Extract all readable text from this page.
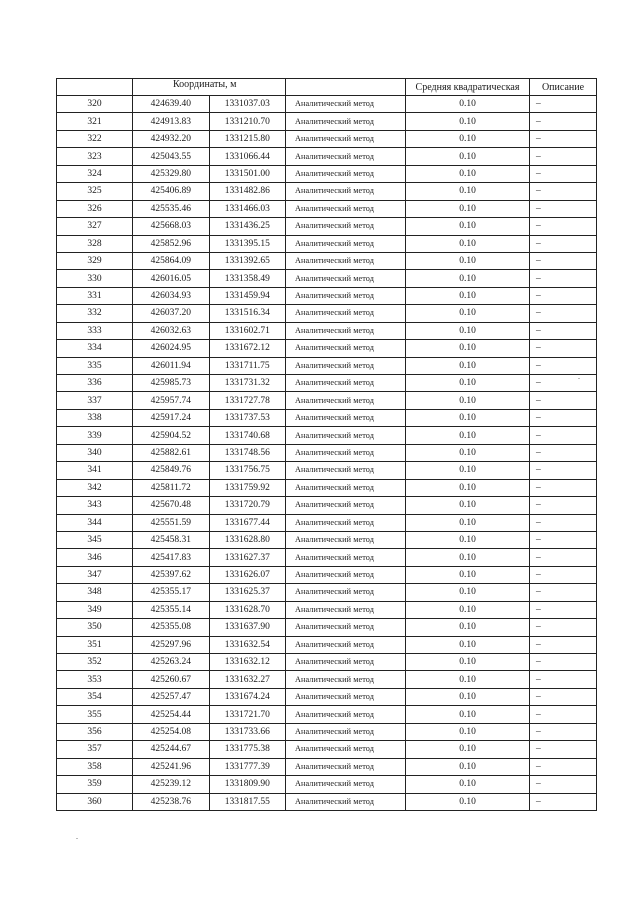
	Координаты, м			Средняя квадратическая	Описание

320	424639.40	1331037.03	Аналитический метод	0.10	–
321	424913.83	1331210.70	Аналитический метод	0.10	–
322	424932.20	1331215.80	Аналитический метод	0.10	–
323	425043.55	1331066.44	Аналитический метод	0.10	–
324	425329.80	1331501.00	Аналитический метод	0.10	–
325	425406.89	1331482.86	Аналитический метод	0.10	–
326	425535.46	1331466.03	Аналитический метод	0.10	–
327	425668.03	1331436.25	Аналитический метод	0.10	–
328	425852.96	1331395.15	Аналитический метод	0.10	–
329	425864.09	1331392.65	Аналитический метод	0.10	–
330	426016.05	1331358.49	Аналитический метод	0.10	–
331	426034.93	1331459.94	Аналитический метод	0.10	–
332	426037.20	1331516.34	Аналитический метод	0.10	–
333	426032.63	1331602.71	Аналитический метод	0.10	–
334	426024.95	1331672.12	Аналитический метод	0.10	–
335	426011.94	1331711.75	Аналитический метод	0.10	–
336	425985.73	1331731.32	Аналитический метод	0.10	–
337	425957.74	1331727.78	Аналитический метод	0.10	–
338	425917.24	1331737.53	Аналитический метод	0.10	–
339	425904.52	1331740.68	Аналитический метод	0.10	–
340	425882.61	1331748.56	Аналитический метод	0.10	–
341	425849.76	1331756.75	Аналитический метод	0.10	–
342	425811.72	1331759.92	Аналитический метод	0.10	–
343	425670.48	1331720.79	Аналитический метод	0.10	–
344	425551.59	1331677.44	Аналитический метод	0.10	–
345	425458.31	1331628.80	Аналитический метод	0.10	–
346	425417.83	1331627.37	Аналитический метод	0.10	–
347	425397.62	1331626.07	Аналитический метод	0.10	–
348	425355.17	1331625.37	Аналитический метод	0.10	–
349	425355.14	1331628.70	Аналитический метод	0.10	–
350	425355.08	1331637.90	Аналитический метод	0.10	–
351	425297.96	1331632.54	Аналитический метод	0.10	–
352	425263.24	1331632.12	Аналитический метод	0.10	–
353	425260.67	1331632.27	Аналитический метод	0.10	–
354	425257.47	1331674.24	Аналитический метод	0.10	–
355	425254.44	1331721.70	Аналитический метод	0.10	–
356	425254.08	1331733.66	Аналитический метод	0.10	–
357	425244.67	1331775.38	Аналитический метод	0.10	–
358	425241.96	1331777.39	Аналитический метод	0.10	–
359	425239.12	1331809.90	Аналитический метод	0.10	–
360	425238.76	1331817.55	Аналитический метод	0.10	–
